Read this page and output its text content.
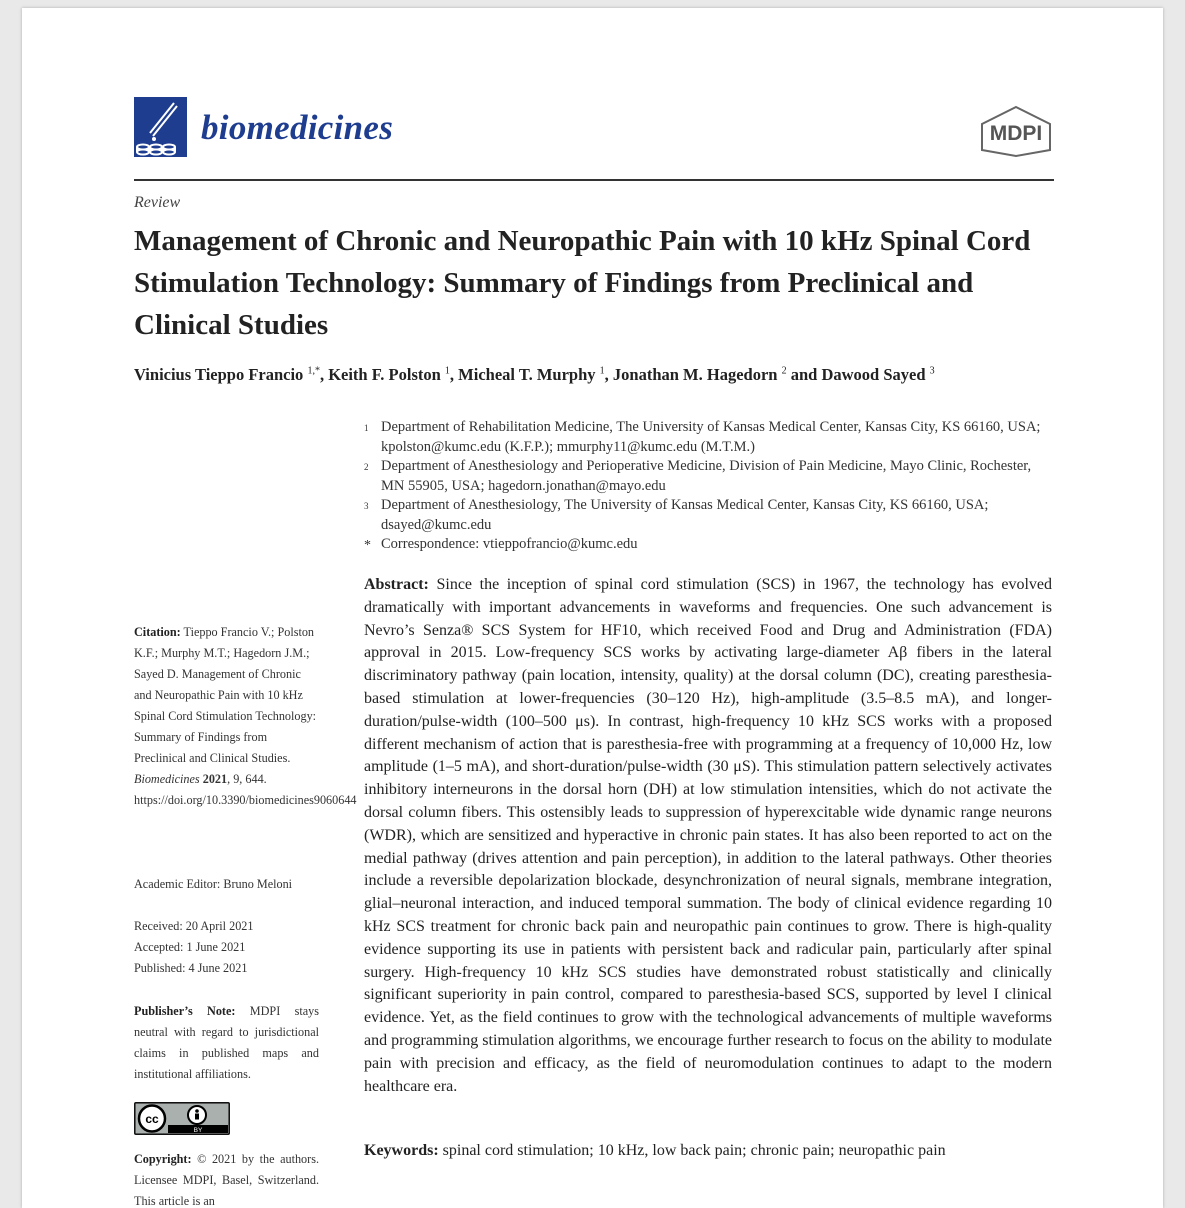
biomedicines	MDPI
Review
Management of Chronic and Neuropathic Pain with 10 kHz Spinal Cord Stimulation Technology: Summary of Findings from Preclinical and Clinical Studies
Vinicius Tieppo Francio $^{1,*}$, Keith F. Polston $^1$, Micheal T. Murphy $^1$, Jonathan M. Hagedorn $^2$ and Dawood Sayed $^3$
1 Department of Rehabilitation Medicine, The University of Kansas Medical Center, Kansas City, KS 66160, USA; kpolston@kumc.edu (K.F.P.); mmurphy11@kumc.edu (M.T.M.)
2 Department of Anesthesiology and Perioperative Medicine, Division of Pain Medicine, Mayo Clinic, Rochester, MN 55905, USA; hagedorn.jonathan@mayo.edu
3 Department of Anesthesiology, The University of Kansas Medical Center, Kansas City, KS 66160, USA; dsayed@kumc.edu
* Correspondence: vtieppofrancio@kumc.edu
Abstract: Since the inception of spinal cord stimulation (SCS) in 1967, the technology has evolved dramatically with important advancements in waveforms and frequencies. One such advancement is Nevro’s Senza® SCS System for HF10, which received Food and Drug and Administration (FDA) approval in 2015. Low-frequency SCS works by activating large-diameter Aβ fibers in the lateral discriminatory pathway (pain location, intensity, quality) at the dorsal column (DC), creating paresthesia-based stimulation at lower-frequencies (30–120 Hz), high-amplitude (3.5–8.5 mA), and longer-duration/pulse-width (100–500 μs). In contrast, high-frequency 10 kHz SCS works with a proposed different mechanism of action that is paresthesia-free with programming at a frequency of 10,000 Hz, low amplitude (1–5 mA), and short-duration/pulse-width (30 μS). This stimulation pattern selectively activates inhibitory interneurons in the dorsal horn (DH) at low stimulation intensities, which do not activate the dorsal column fibers. This ostensibly leads to suppression of hyperexcitable wide dynamic range neurons (WDR), which are sensitized and hyperactive in chronic pain states. It has also been reported to act on the medial pathway (drives attention and pain perception), in addition to the lateral pathways. Other theories include a reversible depolarization blockade, desynchronization of neural signals, membrane integration, glial–neuronal interaction, and induced temporal summation. The body of clinical evidence regarding 10 kHz SCS treatment for chronic back pain and neuropathic pain continues to grow. There is high-quality evidence supporting its use in patients with persistent back and radicular pain, particularly after spinal surgery. High-frequency 10 kHz SCS studies have demonstrated robust statistically and clinically significant superiority in pain control, compared to paresthesia-based SCS, supported by level I clinical evidence. Yet, as the field continues to grow with the technological advancements of multiple waveforms and programming stimulation algorithms, we encourage further research to focus on the ability to modulate pain with precision and efficacy, as the field of neuromodulation continues to adapt to the modern healthcare era.
Keywords: spinal cord stimulation; 10 kHz, low back pain; chronic pain; neuropathic pain
Citation: Tieppo Francio V.; Polston K.F.; Murphy M.T.; Hagedorn J.M.; Sayed D. Management of Chronic and Neuropathic Pain with 10 kHz Spinal Cord Stimulation Technology: Summary of Findings from Preclinical and Clinical Studies. Biomedicines 2021, 9, 644. https://doi.org/10.3390/biomedicines9060644
Academic Editor: Bruno Meloni
Received: 20 April 2021
Accepted: 1 June 2021
Published: 4 June 2021
Publisher’s Note: MDPI stays neutral with regard to jurisdictional claims in published maps and institutional affiliations.
cc
BY
Copyright: © 2021 by the authors. Licensee MDPI, Basel, Switzerland. This article is an
